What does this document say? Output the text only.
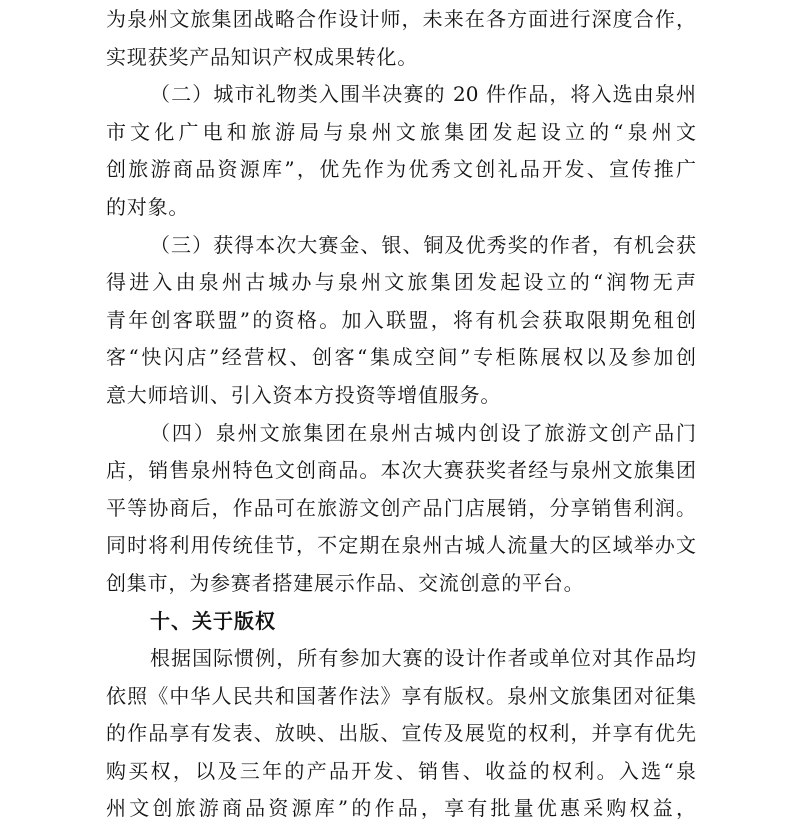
为泉州文旅集团战略合作设计师，未来在各方面进行深度合作，
实现获奖产品知识产权成果转化。
（二）城市礼物类入围半决赛的 20 件作品，将入选由泉州
市文化广电和旅游局与泉州文旅集团发起设立的“泉州文
创旅游商品资源库”，优先作为优秀文创礼品开发、宣传推广
的对象。
（三）获得本次大赛金、银、铜及优秀奖的作者，有机会获
得进入由泉州古城办与泉州文旅集团发起设立的“润物无声
青年创客联盟”的资格。加入联盟，将有机会获取限期免租创
客“快闪店”经营权、创客“集成空间”专柜陈展权以及参加创
意大师培训、引入资本方投资等增值服务。
（四）泉州文旅集团在泉州古城内创设了旅游文创产品门
店，销售泉州特色文创商品。本次大赛获奖者经与泉州文旅集团
平等协商后，作品可在旅游文创产品门店展销，分享销售利润。
同时将利用传统佳节，不定期在泉州古城人流量大的区域举办文
创集市，为参赛者搭建展示作品、交流创意的平台。
十、关于版权
根据国际惯例，所有参加大赛的设计作者或单位对其作品均
依照《中华人民共和国著作法》享有版权。泉州文旅集团对征集
的作品享有发表、放映、出版、宣传及展览的权利，并享有优先
购买权，以及三年的产品开发、销售、收益的权利。入选“泉
州文创旅游商品资源库”的作品，享有批量优惠采购权益，
